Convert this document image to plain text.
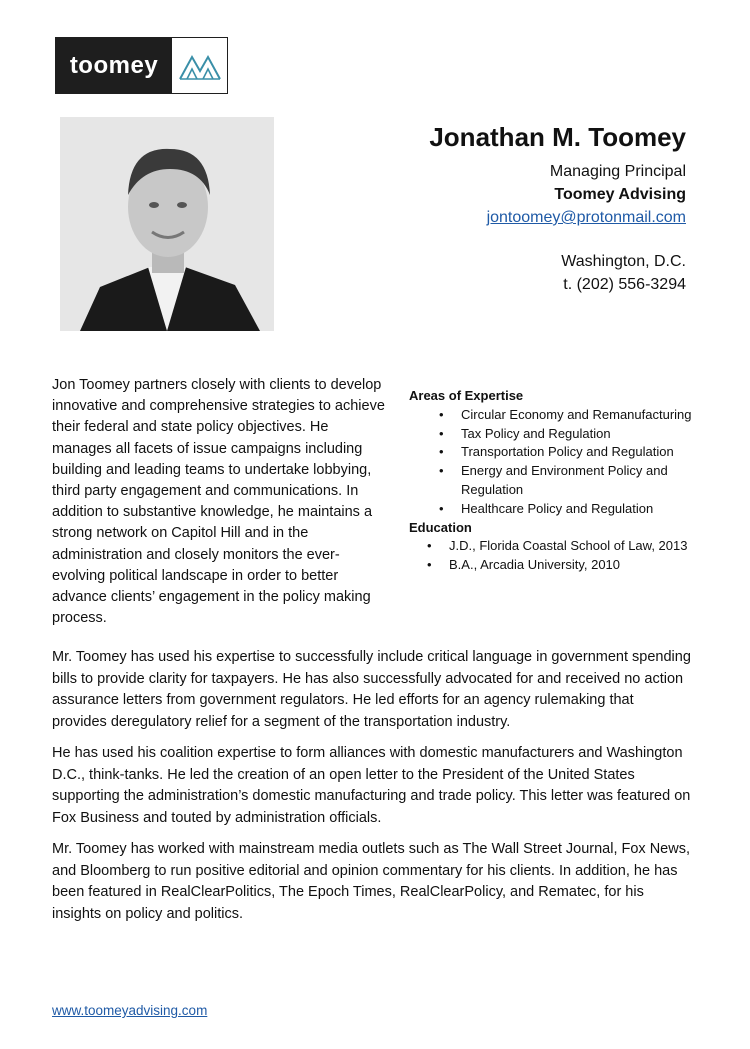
toomey
Jonathan M. Toomey
Managing Principal
Toomey Advising
jontoomey@protonmail.com
Washington, D.C.
t. (202) 556-3294
Jon Toomey partners closely with clients to develop innovative and comprehensive strategies to achieve their federal and state policy objectives. He manages all facets of issue campaigns including building and leading teams to undertake lobbying, third party engagement and communications. In addition to substantive knowledge, he maintains a strong network on Capitol Hill and in the administration and closely monitors the ever-evolving political landscape in order to better advance clients’ engagement in the policy making process.
Areas of Expertise
• Circular Economy and Remanufacturing
• Tax Policy and Regulation
• Transportation Policy and Regulation
• Energy and Environment Policy and Regulation
• Healthcare Policy and Regulation
Education
• J.D., Florida Coastal School of Law, 2013
• B.A., Arcadia University, 2010

Mr. Toomey has used his expertise to successfully include critical language in government spending bills to provide clarity for taxpayers. He has also successfully advocated for and received no action assurance letters from government regulators. He led efforts for an agency rulemaking that provides deregulatory relief for a segment of the transportation industry.

He has used his coalition expertise to form alliances with domestic manufacturers and Washington D.C., think-tanks. He led the creation of an open letter to the President of the United States supporting the administration’s domestic manufacturing and trade policy. This letter was featured on Fox Business and touted by administration officials.

Mr. Toomey has worked with mainstream media outlets such as The Wall Street Journal, Fox News, and Bloomberg to run positive editorial and opinion commentary for his clients. In addition, he has been featured in RealClearPolitics, The Epoch Times, RealClearPolicy, and Rematec, for his insights on policy and politics.

www.toomeyadvising.com
